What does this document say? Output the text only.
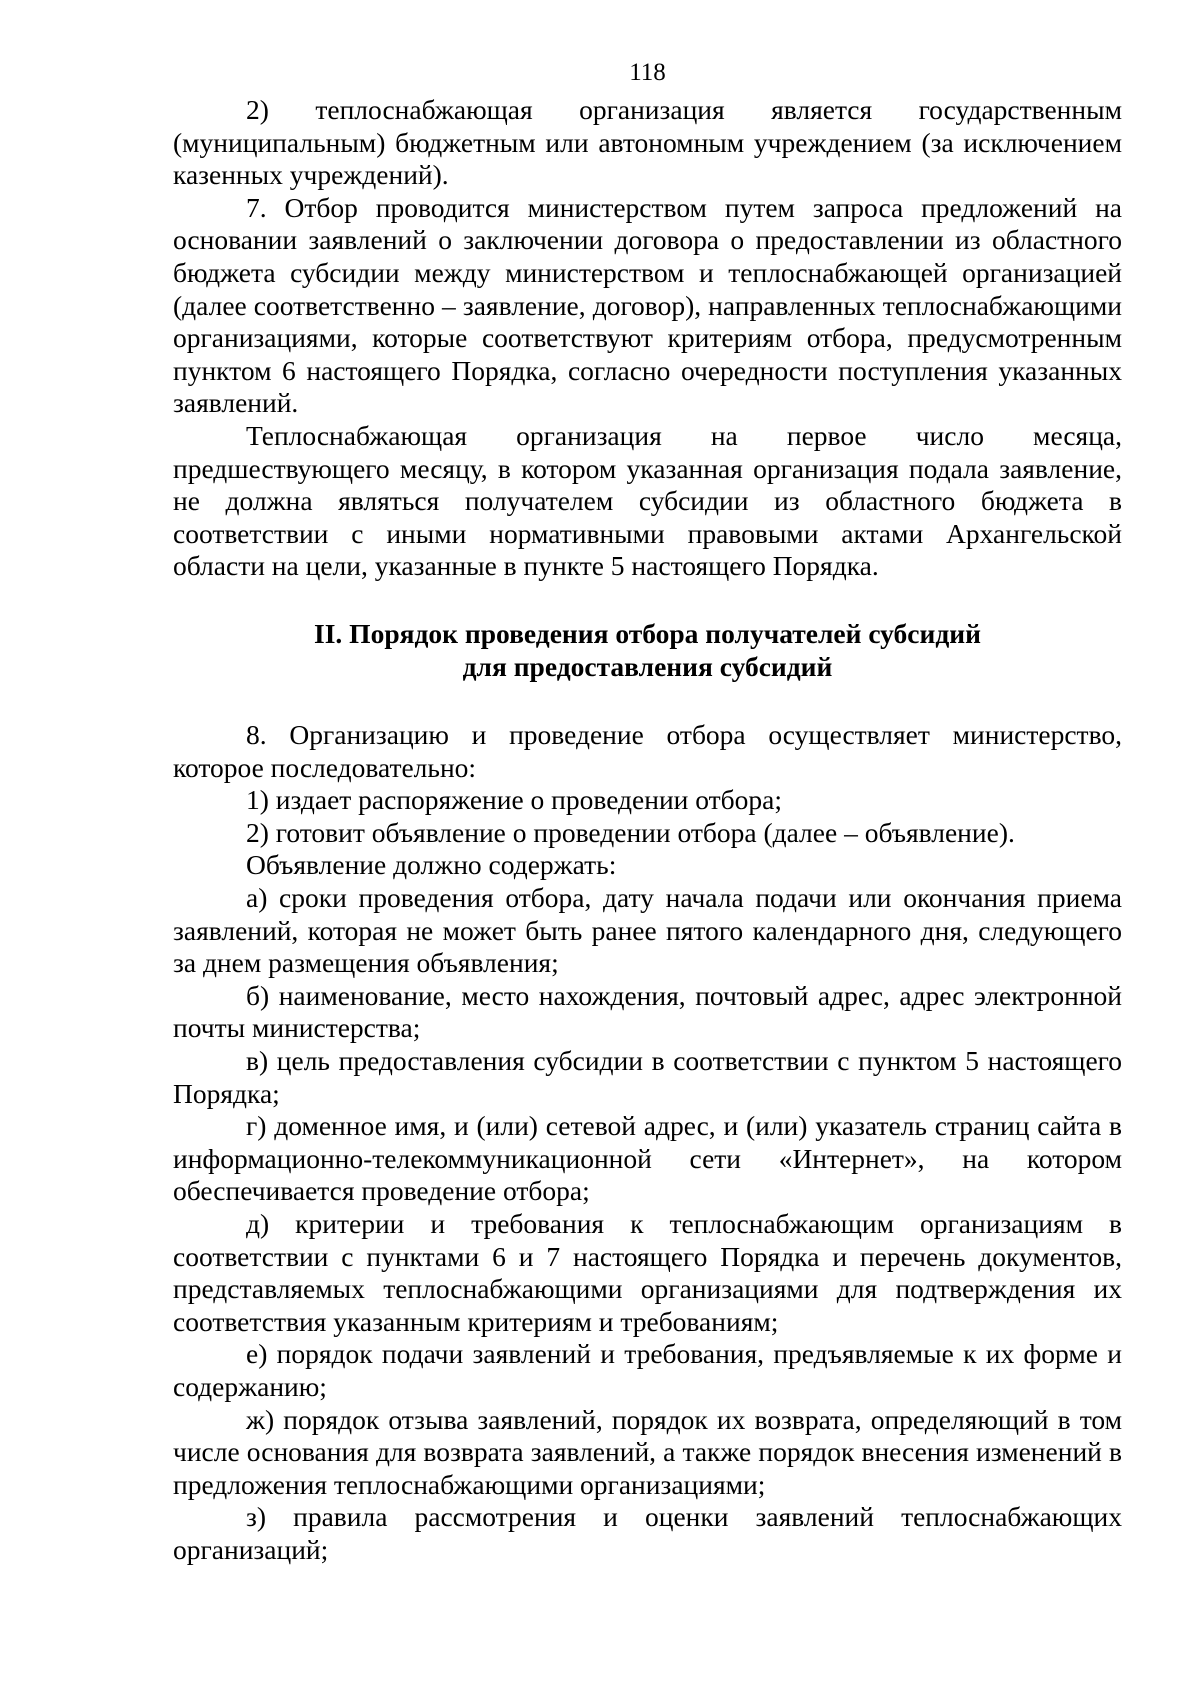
118

2) теплоснабжающая организация является государственным (муниципальным) бюджетным или автономным учреждением (за исключением казенных учреждений).

7. Отбор проводится министерством путем запроса предложений на основании заявлений о заключении договора о предоставлении из областного бюджета субсидии между министерством и теплоснабжающей организацией (далее соответственно – заявление, договор), направленных теплоснабжающими организациями, которые соответствуют критериям отбора, предусмотренным пунктом 6 настоящего Порядка, согласно очередности поступления указанных заявлений.

Теплоснабжающая организация на первое число месяца, предшествующего месяцу, в котором указанная организация подала заявление, не должна являться получателем субсидии из областного бюджета в соответствии с иными нормативными правовыми актами Архангельской области на цели, указанные в пункте 5 настоящего Порядка.

II. Порядок проведения отбора получателей субсидий
для предоставления субсидий

8. Организацию и проведение отбора осуществляет министерство, которое последовательно:

1) издает распоряжение о проведении отбора;

2) готовит объявление о проведении отбора (далее – объявление).

Объявление должно содержать:

а) сроки проведения отбора, дату начала подачи или окончания приема заявлений, которая не может быть ранее пятого календарного дня, следующего за днем размещения объявления;

б) наименование, место нахождения, почтовый адрес, адрес электронной почты министерства;

в) цель предоставления субсидии в соответствии с пунктом 5 настоящего Порядка;

г) доменное имя, и (или) сетевой адрес, и (или) указатель страниц сайта в информационно-телекоммуникационной сети «Интернет», на котором обеспечивается проведение отбора;

д) критерии и требования к теплоснабжающим организациям в соответствии с пунктами 6 и 7 настоящего Порядка и перечень документов, представляемых теплоснабжающими организациями для подтверждения их соответствия указанным критериям и требованиям;

е) порядок подачи заявлений и требования, предъявляемые к их форме и содержанию;

ж) порядок отзыва заявлений, порядок их возврата, определяющий в том числе основания для возврата заявлений, а также порядок внесения изменений в предложения теплоснабжающими организациями;

з) правила рассмотрения и оценки заявлений теплоснабжающих организаций;
